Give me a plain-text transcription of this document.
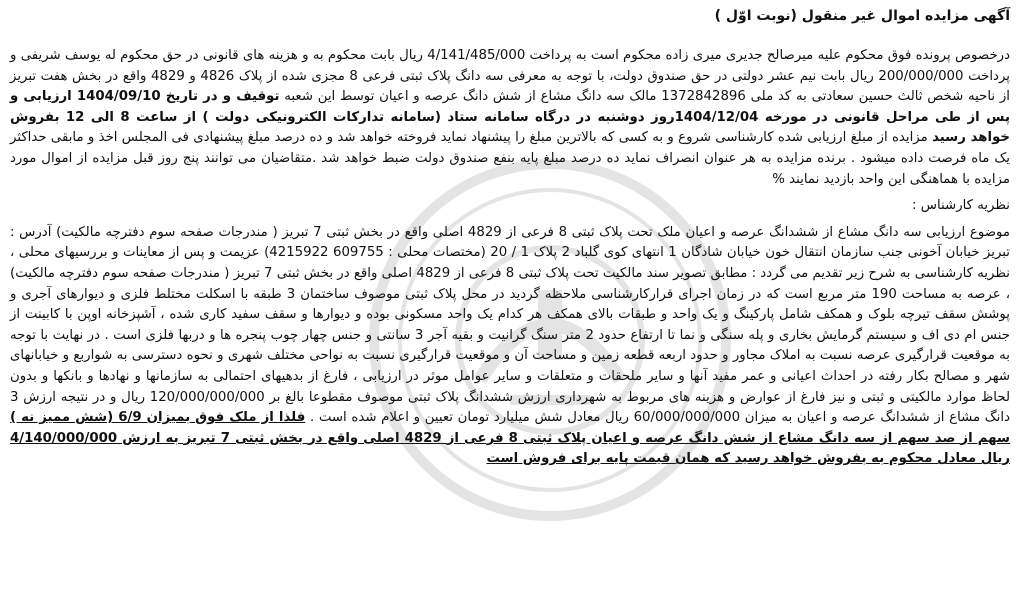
آگهی مزایده اموال غیر منقول (نوبت اوّل )

درخصوص پرونده فوق محکوم علیه میرصالح جدیری میری زاده محکوم است به پرداخت 4/141/485/000 ریال بابت محکوم به و هزینه های قانونی در حق محکوم له یوسف شریفی و پرداخت 200/000/000 ریال بابت نیم عشر دولتی در حق صندوق دولت، با توجه به معرفی سه دانگ پلاک ثبتی فرعی 8 مجزی شده از پلاک 4826 و 4829 واقع در بخش هفت تبریز از ناحیه شخص ثالث حسین سعادتی به کد ملی 1372842896 مالک سه دانگ مشاع از شش دانگ عرصه و اعیان توسط این شعبه توقیف و در تاریخ 1404/09/10 ارزیابی و پس از طی مراحل قانونی در مورخه 1404/12/04روز دوشنبه در درگاه سامانه ستاد (سامانه تدارکات الکترونیکی دولت ) از ساعت 8 الی 12 بفروش خواهد رسید مزایده از مبلغ ارزیابی شده کارشناسی شروع و به کسی که بالاترین مبلغ را پیشنهاد نماید فروخته خواهد شد و ده درصد مبلغ پیشنهادی فی المجلس اخذ و مابقی حداکثر یک ماه فرصت داده میشود . برنده مزایده به هر عنوان انصراف نماید ده درصد مبلغ پایه بنفع صندوق دولت ضبط خواهد شد .متقاضیان می توانند پنج روز قبل مزایده از اموال مورد مزایده با هماهنگی این واحد بازدید نمایند %

نظریه کارشناس :

موضوع ارزیابی سه دانگ مشاع از ششدانگ عرصه و اعیان ملک تحت پلاک ثبتی 8 فرعی از 4829 اصلی واقع در بخش ثبتی 7 تبریز ( مندرجات صفحه سوم دفترچه مالکیت) آدرس : تبریز خیابان آخونی جنب سازمان انتقال خون خیابان شادگان 1 انتهای کوی گلباد 2 پلاک 1 / 20 (مختصات محلی : 609755 4215922) عزیمت و پس از معاینات و بررسیهای محلی ، نظریه کارشناسی به شرح زیر تقدیم می گردد : مطابق تصویر سند مالکیت تحت پلاک ثبتی 8 فرعی از 4829 اصلی واقع در بخش ثبتی 7 تبریز ( مندرجات صفحه سوم دفترچه مالکیت) ، عرصه به مساحت 190 متر مربع است که در زمان اجرای قرارکارشناسی ملاحظه گردید در محل پلاک ثبتی موصوف ساختمان 3 طبقه با اسکلت مختلط فلزی و دیوارهای آجری و پوشش سقف تیرچه بلوک و همکف شامل پارکینگ و یک واحد و طبقات بالای همکف هر کدام یک واحد مسکونی بوده و دیوارها و سقف سفید کاری شده ، آشپزخانه اوپن با کابینت از جنس ام دی اف و سیستم گرمایش بخاری و پله سنگی و نما تا ارتفاع حدود 2 متر سنگ گرانیت و بقیه آجر 3 سانتی و جنس چهار چوب پنجره ها و دربها فلزی است . در نهایت با توجه به موقعیت قرارگیری عرصه نسبت به املاک مجاور و حدود اربعه قطعه زمین و مساحت آن و موقعیت قرارگیری نسبت به نواحی مختلف شهری و نحوه دسترسی به شواربع و خیابانهای شهر و مصالح بکار رفته در احداث اعیانی و عمر مفید آنها و سایر ملحقات و متعلقات و سایر عوامل موثر در ارزیابی ، فارغ از بدهیهای احتمالی به سازمانها و نهادها و بانکها و بدون لحاظ موارد مالکیتی و ثبتی و نیز فارغ از عوارض و هزینه های مربوط به شهرداری ارزش ششدانگ پلاک ثبتی موصوف مقطوعا بالغ بر 120/000/000/000 ریال و در نتیجه ارزش 3 دانگ مشاع از ششدانگ عرصه و اعیان به میزان 60/000/000/000 ریال معادل شش میلیارد تومان تعیین و اعلام شده است . فلذا از ملک فوق بمیزان 6/9 (شش ممیز نه ) سهم از صد سهم از سه دانگ مشاع از شش دانگ عرصه و اعیان پلاک ثبتی 8 فرعی از 4829 اصلی واقع در بخش ثبتی 7 تبریز به ارزش 4/140/000/000 ریال معادل محکوم به بفروش خواهد رسید که همان قیمت پایه برای فروش است
